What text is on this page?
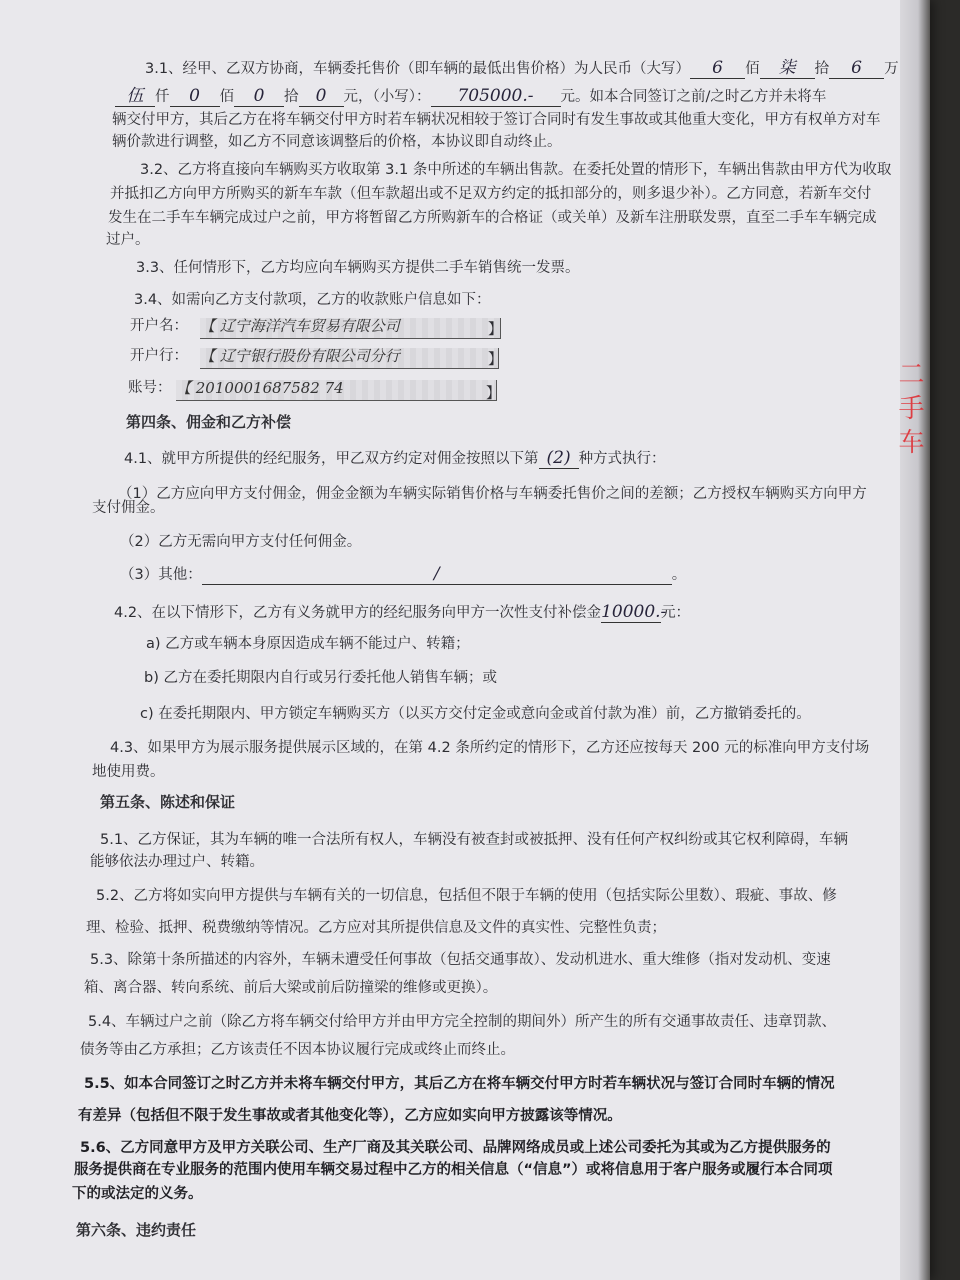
3.1、经甲、乙双方协商，车辆委托售价（即车辆的最低出售价格）为人民币（大写） 6 佰 柒 拾 6 万
伍 仟 0 佰 0 拾 0 元，（小写）： 705000.- 元。如本合同签订之前/之时乙方并未将车
辆交付甲方，其后乙方在将车辆交付甲方时若车辆状况相较于签订合同时有发生事故或其他重大变化，甲方有权单方对车
辆价款进行调整，如乙方不同意该调整后的价格，本协议即自动终止。
3.2、乙方将直接向车辆购买方收取第 3.1 条中所述的车辆出售款。在委托处置的情形下，车辆出售款由甲方代为收取
并抵扣乙方向甲方所购买的新车车款（但车款超出或不足双方约定的抵扣部分的，则多退少补）。乙方同意，若新车交付
发生在二手车车辆完成过户之前，甲方将暂留乙方所购新车的合格证（或关单）及新车注册联发票，直至二手车车辆完成
过户。
3.3、任何情形下，乙方均应向车辆购买方提供二手车销售统一发票。
3.4、如需向乙方支付款项，乙方的收款账户信息如下：
开户名： 【 辽宁海洋汽车贸易有限公司	】
开户行： 【 辽宁银行股份有限公司分行	】
账号： 【 2010001687582 74	】
第四条、佣金和乙方补偿
4.1、就甲方所提供的经纪服务，甲乙双方约定对佣金按照以下第 (2) 种方式执行：
（1）乙方应向甲方支付佣金，佣金金额为车辆实际销售价格与车辆委托售价之间的差额；乙方授权车辆购买方向甲方
支付佣金。
（2）乙方无需向甲方支付任何佣金。
（3）其他：	/	。
4.2、在以下情形下，乙方有义务就甲方的经纪服务向甲方一次性支付补偿金10000.-元：
a) 乙方或车辆本身原因造成车辆不能过户、转籍；
b) 乙方在委托期限内自行或另行委托他人销售车辆；或
c) 在委托期限内、甲方锁定车辆购买方（以买方交付定金或意向金或首付款为准）前，乙方撤销委托的。
4.3、如果甲方为展示服务提供展示区域的，在第 4.2 条所约定的情形下，乙方还应按每天 200 元的标准向甲方支付场
地使用费。
第五条、陈述和保证
5.1、乙方保证，其为车辆的唯一合法所有权人，车辆没有被查封或被抵押、没有任何产权纠纷或其它权利障碍，车辆
能够依法办理过户、转籍。
5.2、乙方将如实向甲方提供与车辆有关的一切信息，包括但不限于车辆的使用（包括实际公里数）、瑕疵、事故、修
理、检验、抵押、税费缴纳等情况。乙方应对其所提供信息及文件的真实性、完整性负责；
5.3、除第十条所描述的内容外，车辆未遭受任何事故（包括交通事故）、发动机进水、重大维修（指对发动机、变速
箱、离合器、转向系统、前后大梁或前后防撞梁的维修或更换）。
5.4、车辆过户之前（除乙方将车辆交付给甲方并由甲方完全控制的期间外）所产生的所有交通事故责任、违章罚款、
债务等由乙方承担；乙方该责任不因本协议履行完成或终止而终止。
5.5、如本合同签订之时乙方并未将车辆交付甲方，其后乙方在将车辆交付甲方时若车辆状况与签订合同时车辆的情况
有差异（包括但不限于发生事故或者其他变化等），乙方应如实向甲方披露该等情况。
5.6、乙方同意甲方及甲方关联公司、生产厂商及其关联公司、品牌网络成员或上述公司委托为其或为乙方提供服务的
服务提供商在专业服务的范围内使用车辆交易过程中乙方的相关信息（“信息”）或将信息用于客户服务或履行本合同项
下的或法定的义务。
第六条、违约责任
二手车
